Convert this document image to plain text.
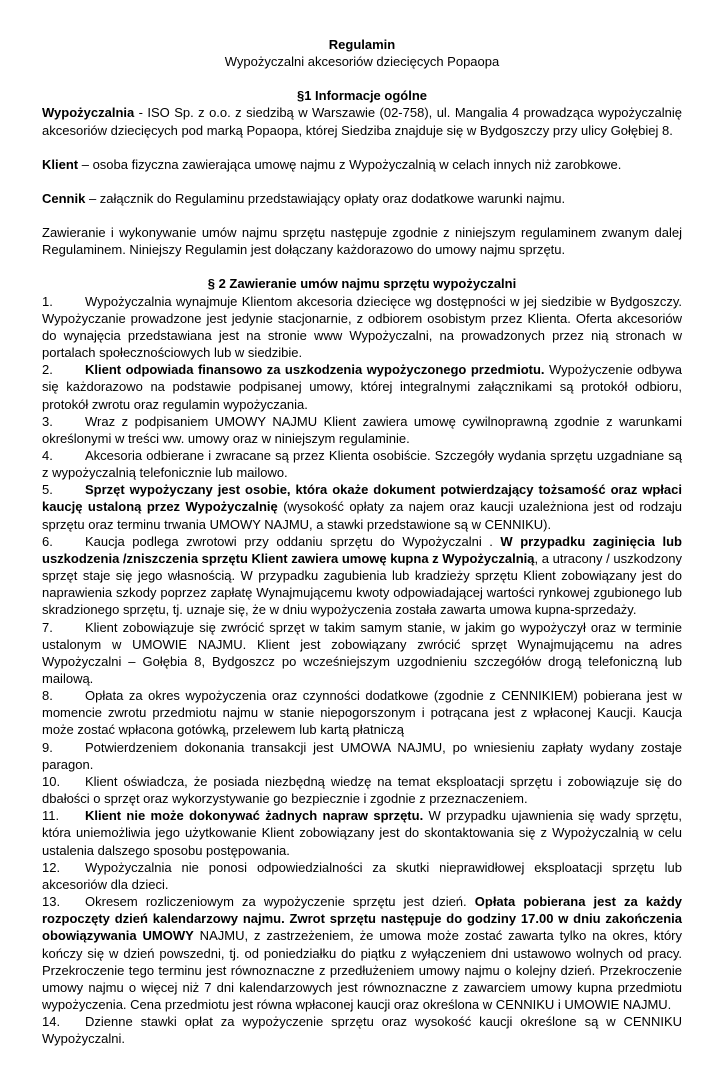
Regulamin

Wypożyczalni akcesoriów dziecięcych Popaopa

§1 Informacje ogólne

Wypożyczalnia - ISO Sp. z o.o. z siedzibą w Warszawie (02-758), ul. Mangalia 4 prowadząca wypożyczalnię akcesoriów dziecięcych pod marką Popaopa, której Siedziba znajduje się w Bydgoszczy przy ulicy Gołębiej 8.

Klient – osoba fizyczna zawierająca umowę najmu z Wypożyczalnią w celach innych niż zarobkowe.

Cennik – załącznik do Regulaminu przedstawiający opłaty oraz dodatkowe warunki najmu.

Zawieranie i wykonywanie umów najmu sprzętu następuje zgodnie z niniejszym regulaminem zwanym dalej Regulaminem. Niniejszy Regulamin jest dołączany każdorazowo do umowy najmu sprzętu.

§ 2 Zawieranie umów najmu sprzętu wypożyczalni

1. Wypożyczalnia wynajmuje Klientom akcesoria dziecięce wg dostępności w jej siedzibie w Bydgoszczy. Wypożyczanie prowadzone jest jedynie stacjonarnie, z odbiorem osobistym przez Klienta. Oferta akcesoriów do wynajęcia przedstawiana jest na stronie www Wypożyczalni, na prowadzonych przez nią stronach w portalach społecznościowych lub w siedzibie.

2. Klient odpowiada finansowo za uszkodzenia wypożyczonego przedmiotu. Wypożyczenie odbywa się każdorazowo na podstawie podpisanej umowy, której integralnymi załącznikami są protokół odbioru, protokół zwrotu oraz regulamin wypożyczania.

3. Wraz z podpisaniem UMOWY NAJMU Klient zawiera umowę cywilnoprawną zgodnie z warunkami określonymi w treści ww. umowy oraz w niniejszym regulaminie.

4. Akcesoria odbierane i zwracane są przez Klienta osobiście. Szczegóły wydania sprzętu uzgadniane są z wypożyczalnią telefonicznie lub mailowo.

5. Sprzęt wypożyczany jest osobie, która okaże dokument potwierdzający tożsamość oraz wpłaci kaucję ustaloną przez Wypożyczalnię (wysokość opłaty za najem oraz kaucji uzależniona jest od rodzaju sprzętu oraz terminu trwania UMOWY NAJMU, a stawki przedstawione są w CENNIKU).

6. Kaucja podlega zwrotowi przy oddaniu sprzętu do Wypożyczalni . W przypadku zaginięcia lub uszkodzenia /zniszczenia sprzętu Klient zawiera umowę kupna z Wypożyczalnią, a utracony / uszkodzony sprzęt staje się jego własnością. W przypadku zagubienia lub kradzieży sprzętu Klient zobowiązany jest do naprawienia szkody poprzez zapłatę Wynajmującemu kwoty odpowiadającej wartości rynkowej zgubionego lub skradzionego sprzętu, tj. uznaje się, że w dniu wypożyczenia została zawarta umowa kupna-sprzedaży.

7. Klient zobowiązuje się zwrócić sprzęt w takim samym stanie, w jakim go wypożyczył oraz w terminie ustalonym w UMOWIE NAJMU. Klient jest zobowiązany zwrócić sprzęt Wynajmującemu na adres Wypożyczalni – Gołębia 8, Bydgoszcz po wcześniejszym uzgodnieniu szczegółów drogą telefoniczną lub mailową.

8. Opłata za okres wypożyczenia oraz czynności dodatkowe (zgodnie z CENNIKIEM) pobierana jest w momencie zwrotu przedmiotu najmu w stanie niepogorszonym i potrącana jest z wpłaconej Kaucji. Kaucja może zostać wpłacona gotówką, przelewem lub kartą płatniczą

9. Potwierdzeniem dokonania transakcji jest UMOWA NAJMU, po wniesieniu zapłaty wydany zostaje paragon.

10. Klient oświadcza, że posiada niezbędną wiedzę na temat eksploatacji sprzętu i zobowiązuje się do dbałości o sprzęt oraz wykorzystywanie go bezpiecznie i zgodnie z przeznaczeniem.

11. Klient nie może dokonywać żadnych napraw sprzętu. W przypadku ujawnienia się wady sprzętu, która uniemożliwia jego użytkowanie Klient zobowiązany jest do skontaktowania się z Wypożyczalnią w celu ustalenia dalszego sposobu postępowania.

12. Wypożyczalnia nie ponosi odpowiedzialności za skutki nieprawidłowej eksploatacji sprzętu lub akcesoriów dla dzieci.

13. Okresem rozliczeniowym za wypożyczenie sprzętu jest dzień. Opłata pobierana jest za każdy rozpoczęty dzień kalendarzowy najmu. Zwrot sprzętu następuje do godziny 17.00 w dniu zakończenia obowiązywania UMOWY NAJMU, z zastrzeżeniem, że umowa może zostać zawarta tylko na okres, który kończy się w dzień powszedni, tj. od poniedziałku do piątku z wyłączeniem dni ustawowo wolnych od pracy. Przekroczenie tego terminu jest równoznaczne z przedłużeniem umowy najmu o kolejny dzień. Przekroczenie umowy najmu o więcej niż 7 dni kalendarzowych jest równoznaczne z zawarciem umowy kupna przedmiotu wypożyczenia. Cena przedmiotu jest równa wpłaconej kaucji oraz określona w CENNIKU i UMOWIE NAJMU.

14. Dzienne stawki opłat za wypożyczenie sprzętu oraz wysokość kaucji określone są w CENNIKU Wypożyczalni.
